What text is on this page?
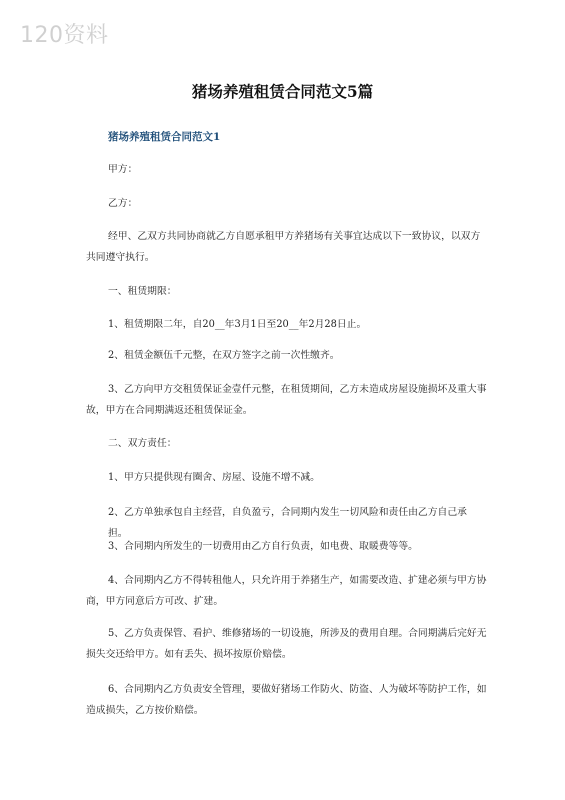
120资料
猪场养殖租赁合同范文5篇
猪场养殖租赁合同范文1
甲方：
乙方：
经甲、乙双方共同协商就乙方自愿承租甲方养猪场有关事宜达成以下一致协议，以双方共同遵守执行。
一、租赁期限：
1、租赁期限二年，自20__年3月1日至20__年2月28日止。
2、租赁金额伍千元整，在双方签字之前一次性缴齐。
3、乙方向甲方交租赁保证金壹仟元整，在租赁期间，乙方未造成房屋设施损坏及重大事故，甲方在合同期满返还租赁保证金。
二、双方责任：
1、甲方只提供现有圈舍、房屋、设施不增不减。
2、乙方单独承包自主经营，自负盈亏，合同期内发生一切风险和责任由乙方自己承担。
3、合同期内所发生的一切费用由乙方自行负责，如电费、取暖费等等。
4、合同期内乙方不得转租他人，只允许用于养猪生产，如需要改造、扩建必须与甲方协商，甲方同意后方可改、扩建。
5、乙方负责保管、看护、维修猪场的一切设施，所涉及的费用自理。合同期满后完好无损失交还给甲方。如有丢失、损坏按原价赔偿。
6、合同期内乙方负责安全管理，要做好猪场工作防火、防盗、人为破坏等防护工作，如造成损失，乙方按价赔偿。
